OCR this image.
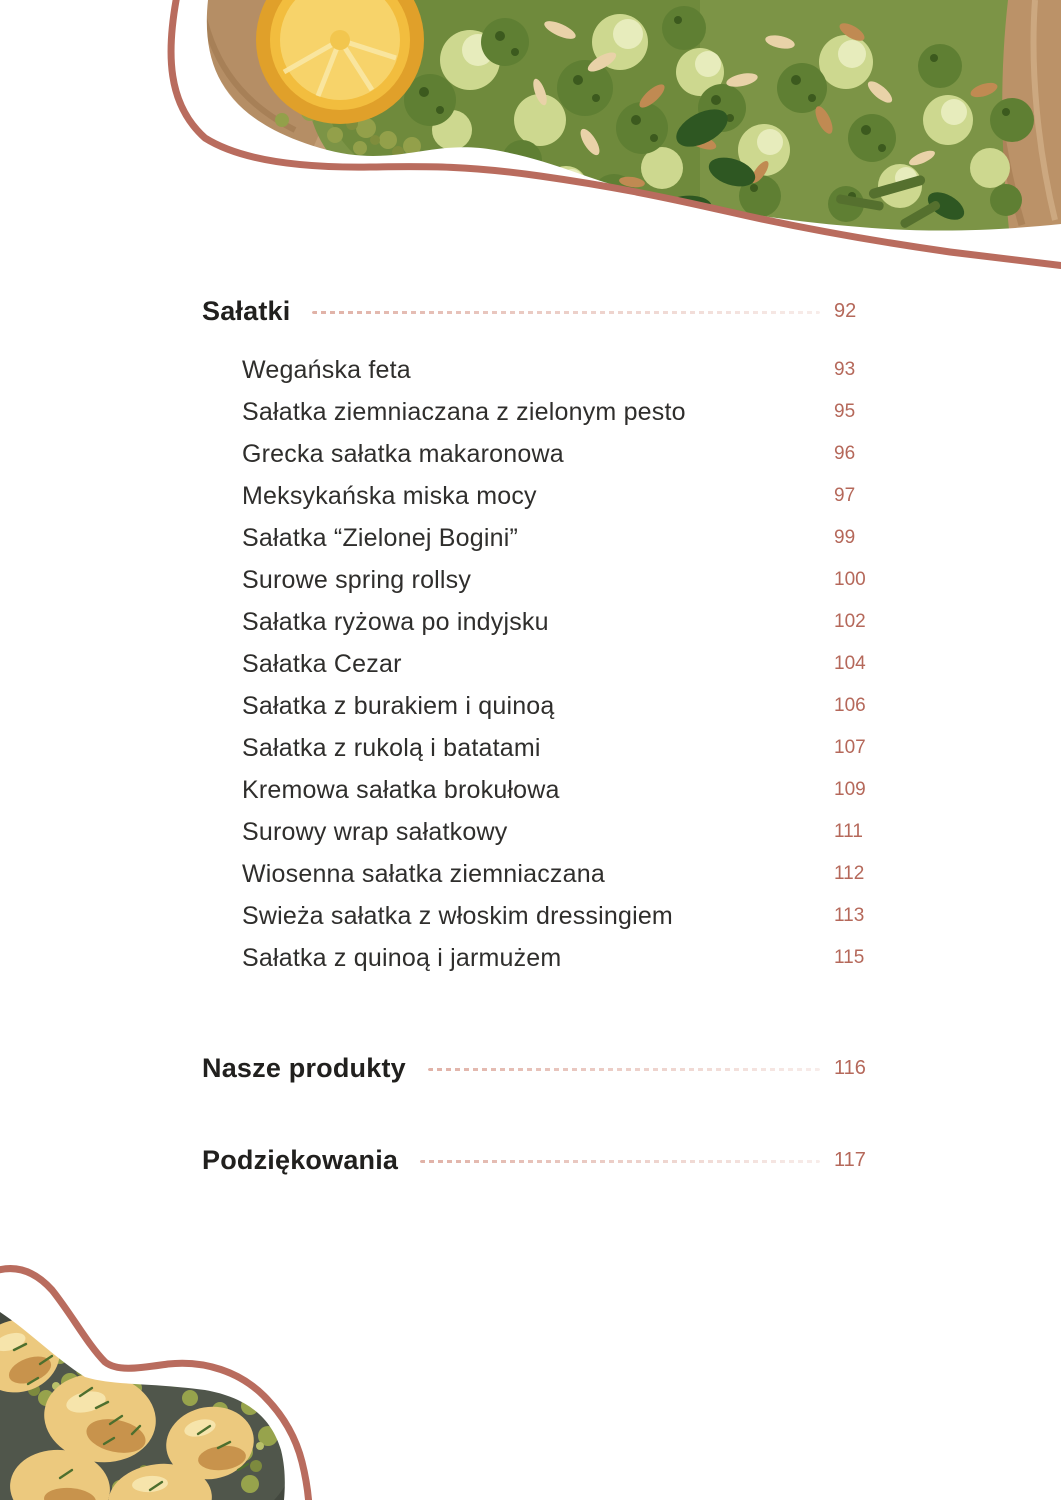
Sałatki	92
Wegańska feta	93
Sałatka ziemniaczana z zielonym pesto	95
Grecka sałatka makaronowa	96
Meksykańska miska mocy	97
Sałatka “Zielonej Bogini”	99
Surowe spring rollsy	100
Sałatka ryżowa po indyjsku	102
Sałatka Cezar	104
Sałatka z burakiem i quinoą	106
Sałatka z rukolą i batatami	107
Kremowa sałatka brokułowa	109
Surowy wrap sałatkowy	111
Wiosenna sałatka ziemniaczana	112
Swieża sałatka z włoskim dressingiem	113
Sałatka z quinoą i jarmużem	115
Nasze produkty	116
Podziękowania	117
